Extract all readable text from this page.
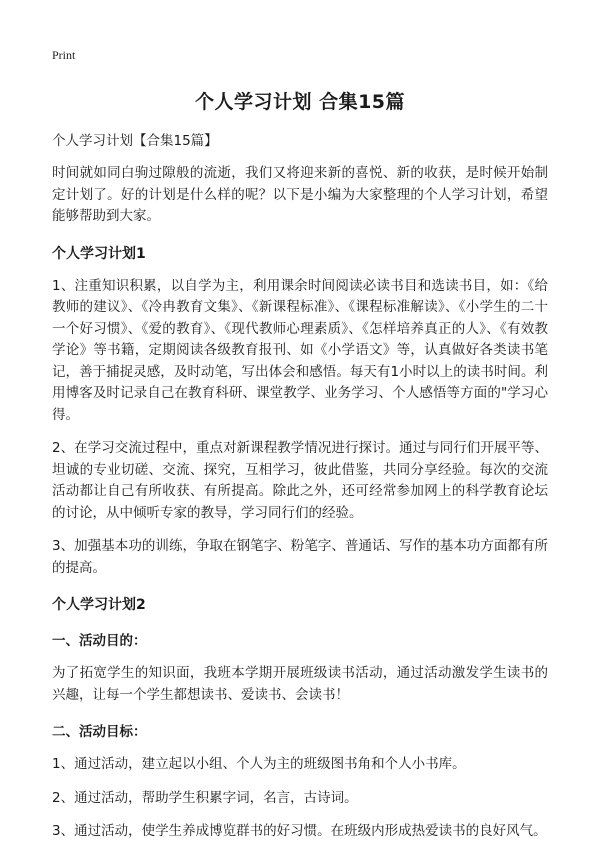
Print
个人学习计划 合集15篇
个人学习计划【合集15篇】

时间就如同白驹过隙般的流逝，我们又将迎来新的喜悦、新的收获，是时候开始制定计划了。好的计划是什么样的呢？以下是小编为大家整理的个人学习计划，希望能够帮助到大家。

个人学习计划1

1、注重知识积累，以自学为主，利用课余时间阅读必读书目和选读书目，如：《给教师的建议》、《冷冉教育文集》、《新课程标准》、《课程标准解读》、《小学生的二十一个好习惯》、《爱的教育》、《现代教师心理素质》、《怎样培养真正的人》、《有效教学论》等书籍，定期阅读各级教育报刊、如《小学语文》等，认真做好各类读书笔记，善于捕捉灵感，及时动笔，写出体会和感悟。每天有1小时以上的读书时间。利用博客及时记录自己在教育科研、课堂教学、业务学习、个人感悟等方面的"学习心得。

2、在学习交流过程中，重点对新课程教学情况进行探讨。通过与同行们开展平等、坦诚的专业切磋、交流、探究，互相学习，彼此借鉴，共同分享经验。每次的交流活动都让自己有所收获、有所提高。除此之外，还可经常参加网上的科学教育论坛的讨论，从中倾听专家的教导，学习同行们的经验。

3、加强基本功的训练，争取在钢笔字、粉笔字、普通话、写作的基本功方面都有所的提高。

个人学习计划2
一、活动目的：

为了拓宽学生的知识面，我班本学期开展班级读书活动，通过活动激发学生读书的兴趣，让每一个学生都想读书、爱读书、会读书！

二、活动目标：

1、通过活动，建立起以小组、个人为主的班级图书角和个人小书库。

2、通过活动，帮助学生积累字词，名言，古诗词。

3、通过活动，使学生养成博览群书的好习惯。在班级内形成热爱读书的良好风气。
